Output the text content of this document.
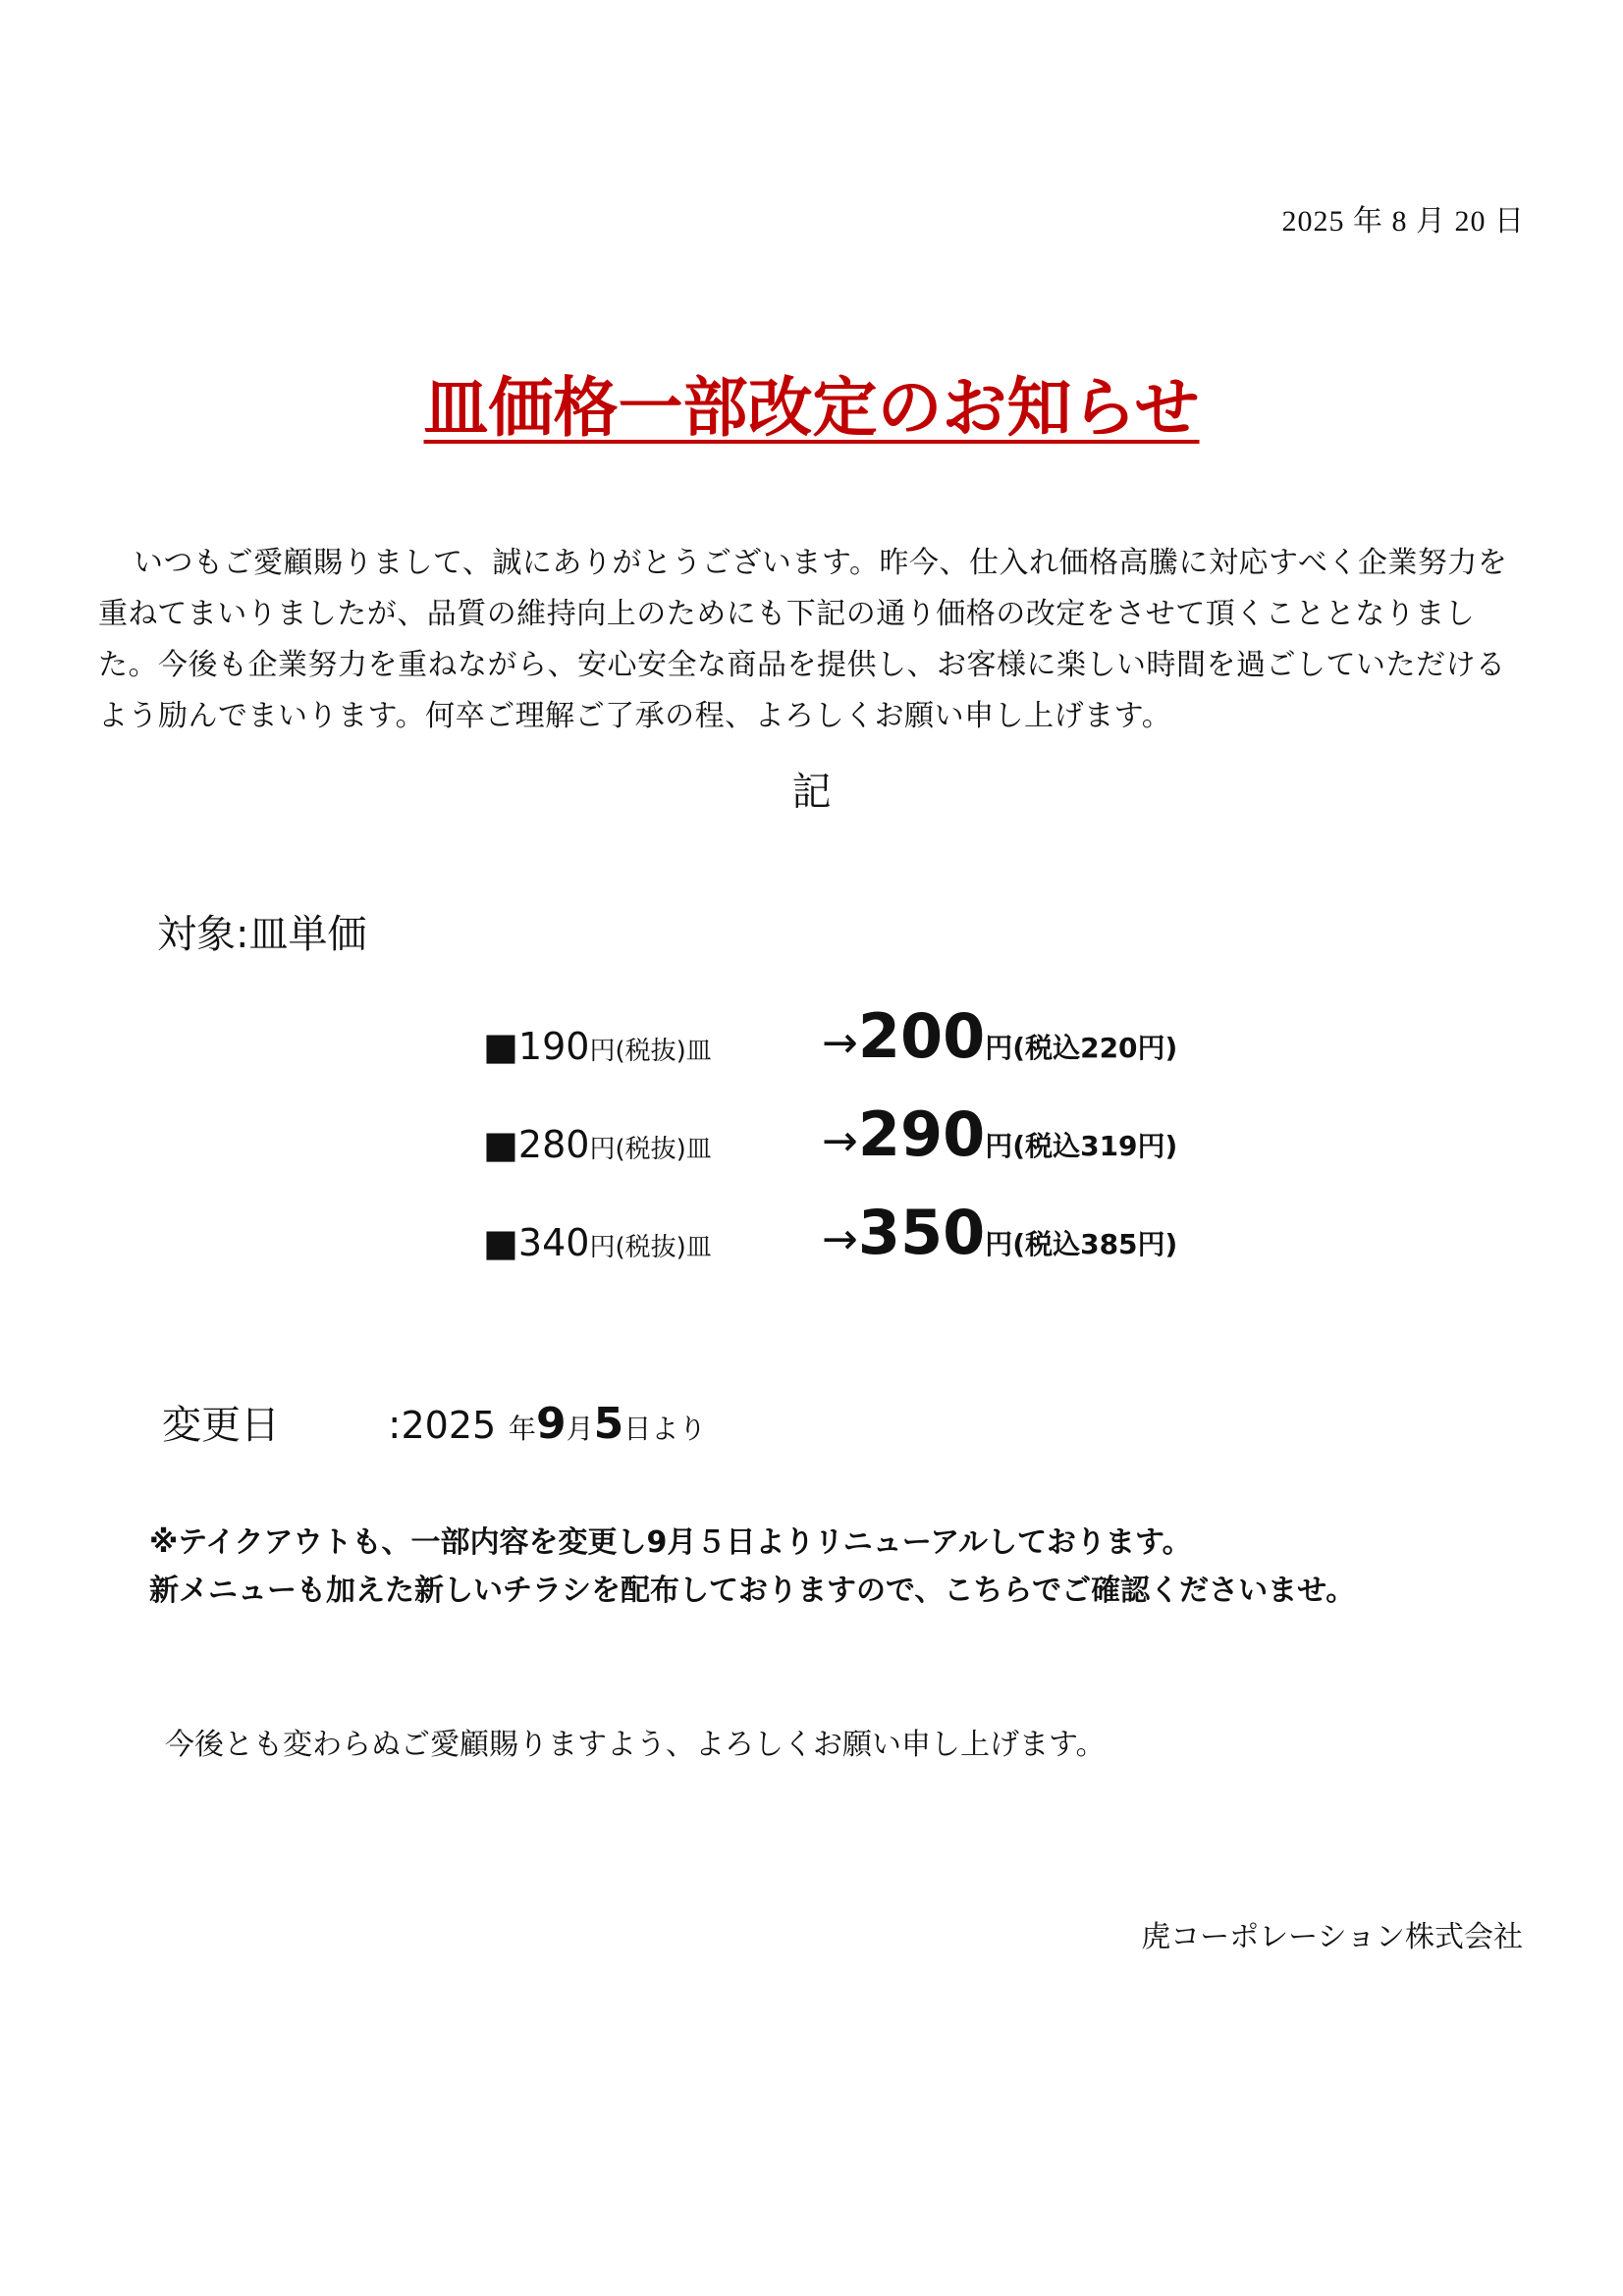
2025 年 8 月 20 日
皿価格一部改定のお知らせ
いつもご愛顧賜りまして、誠にありがとうございます。昨今、仕入れ価格高騰に対応すべく企業努力を重ねてまいりましたが、品質の維持向上のためにも下記の通り価格の改定をさせて頂くこととなりました。今後も企業努力を重ねながら、安心安全な商品を提供し、お客様に楽しい時間を過ごしていただけるよう励んでまいります。何卒ご理解ご了承の程、よろしくお願い申し上げます。
記
対象:皿単価
■190円(税抜)皿	→200円(税込220円)
■280円(税抜)皿	→290円(税込319円)
■340円(税抜)皿	→350円(税込385円)
変更日	:2025 年9月5日より
※テイクアウトも、一部内容を変更し9月５日よりリニューアルしております。
新メニューも加えた新しいチラシを配布しておりますので、こちらでご確認くださいませ。
今後とも変わらぬご愛顧賜りますよう、よろしくお願い申し上げます。
虎コーポレーション株式会社
